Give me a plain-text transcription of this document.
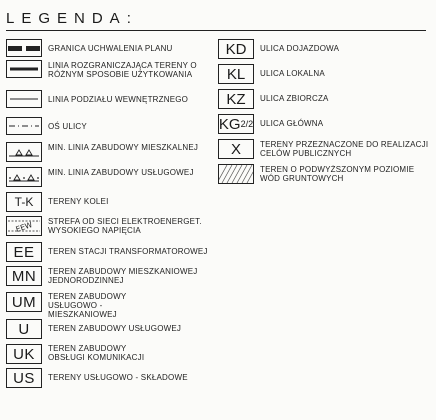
LEGENDA:
GRANICA UCHWALENIA PLANU
LINIA ROZGRANICZAJĄCA TERENY O RÓŻNYM SPOSOBIE UŻYTKOWANIA
LINIA PODZIAŁU WEWNĘTRZNEGO
OŚ ULICY
MIN. LINIA ZABUDOWY MIESZKALNEJ
MIN. LINIA ZABUDOWY USŁUGOWEJ
T-K	TERENY KOLEI
EEW STREFA OD SIECI ELEKTROENERGET. WYSOKIEGO NAPIĘCIA
EE	TEREN STACJI TRANSFORMATOROWEJ
MN	TEREN ZABUDOWY MIESZKANIOWEJ JEDNORODZINNEJ
UM	TEREN ZABUDOWY USŁUGOWO - MIESZKANIOWEJ
U	TEREN ZABUDOWY USŁUGOWEJ
UK	TEREN ZABUDOWY OBSŁUGI KOMUNIKACJI
US	TERENY USŁUGOWO - SKŁADOWE
KD	ULICA DOJAZDOWA
KL	ULICA LOKALNA
KZ	ULICA ZBIORCZA
KG 2/2 ULICA GŁÓWNA
X	TERENY PRZEZNACZONE DO REALIZACJI CELÓW PUBLICZNYCH
TEREN O PODWYŻSZONYM POZIOMIE WÓD GRUNTOWYCH
